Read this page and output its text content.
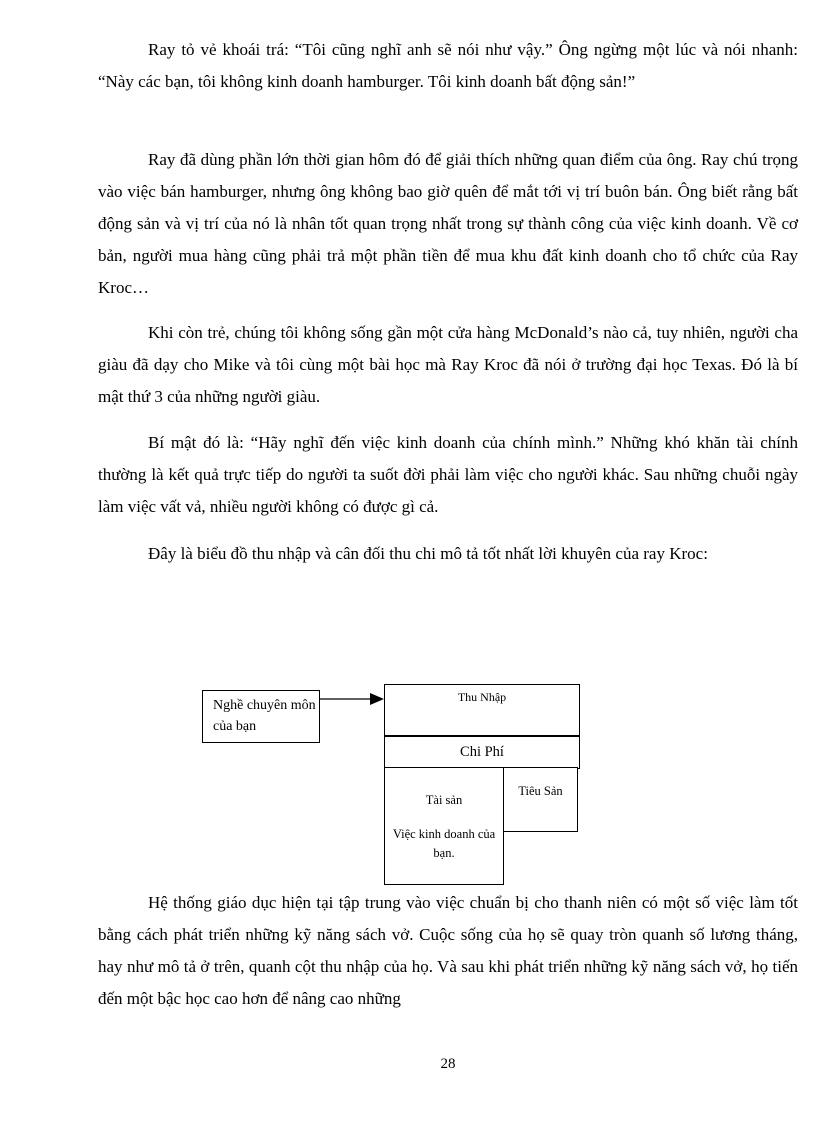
Ray tỏ vẻ khoái trá: “Tôi cũng nghĩ anh sẽ nói như vậy.” Ông ngừng một lúc và nói nhanh: “Này các bạn, tôi không kinh doanh hamburger. Tôi kinh doanh bất động sản!”

Ray đã dùng phần lớn thời gian hôm đó để giải thích những quan điểm của ông. Ray chú trọng vào việc bán hamburger, nhưng ông không bao giờ quên để mắt tới vị trí buôn bán. Ông biết rằng bất động sản và vị trí của nó là nhân tốt quan trọng nhất trong sự thành công của việc kinh doanh. Về cơ bản, người mua hàng cũng phải trả một phần tiền để mua khu đất kinh doanh cho tổ chức của Ray Kroc…

Khi còn trẻ, chúng tôi không sống gần một cửa hàng McDonald’s nào cả, tuy nhiên, người cha giàu đã dạy cho Mike và tôi cùng một bài học mà Ray Kroc đã nói ở trường đại học Texas. Đó là bí mật thứ 3 của những người giàu.

Bí mật đó là: “Hãy nghĩ đến việc kinh doanh của chính mình.” Những khó khăn tài chính thường là kết quả trực tiếp do người ta suốt đời phải làm việc cho người khác. Sau những chuỗi ngày làm việc vất vả, nhiều người không có được gì cả.

Đây là biểu đồ thu nhập và cân đối thu chi mô tả tốt nhất lời khuyên của ray Kroc:

Nghề chuyên môn của bạn
Thu Nhập
Chi Phí
Tài sản
Việc kinh doanh của bạn.
Tiêu Sản

Hệ thống giáo dục hiện tại tập trung vào việc chuẩn bị cho thanh niên có một số việc làm tốt bằng cách phát triển những kỹ năng sách vở. Cuộc sống của họ sẽ quay tròn quanh số lương tháng, hay như mô tả ở trên, quanh cột thu nhập của họ. Và sau khi phát triển những kỹ năng sách vở, họ tiến đến một bậc học cao hơn để nâng cao những

28
